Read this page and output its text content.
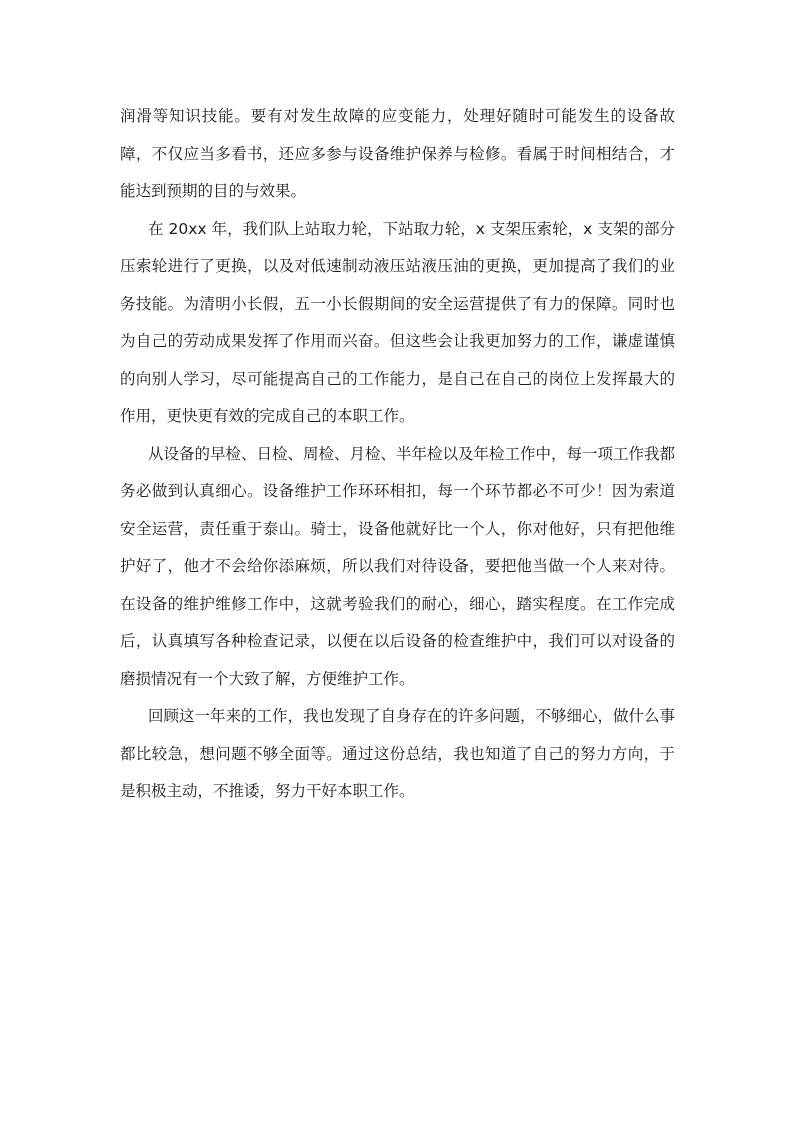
润滑等知识技能。要有对发生故障的应变能力，处理好随时可能发生的设备故障，不仅应当多看书，还应多参与设备维护保养与检修。看属于时间相结合，才能达到预期的目的与效果。

在 20xx 年，我们队上站取力轮，下站取力轮，x 支架压索轮，x 支架的部分压索轮进行了更换，以及对低速制动液压站液压油的更换，更加提高了我们的业务技能。为清明小长假，五一小长假期间的安全运营提供了有力的保障。同时也为自己的劳动成果发挥了作用而兴奋。但这些会让我更加努力的工作，谦虚谨慎的向别人学习，尽可能提高自己的工作能力，是自己在自己的岗位上发挥最大的作用，更快更有效的完成自己的本职工作。

从设备的早检、日检、周检、月检、半年检以及年检工作中，每一项工作我都务必做到认真细心。设备维护工作环环相扣，每一个环节都必不可少！因为索道安全运营，责任重于泰山。骑士，设备他就好比一个人，你对他好，只有把他维护好了，他才不会给你添麻烦，所以我们对待设备，要把他当做一个人来对待。在设备的维护维修工作中，这就考验我们的耐心，细心，踏实程度。在工作完成后，认真填写各种检查记录，以便在以后设备的检查维护中，我们可以对设备的磨损情况有一个大致了解，方便维护工作。

回顾这一年来的工作，我也发现了自身存在的许多问题，不够细心，做什么事都比较急，想问题不够全面等。通过这份总结，我也知道了自己的努力方向，于是积极主动，不推诿，努力干好本职工作。
